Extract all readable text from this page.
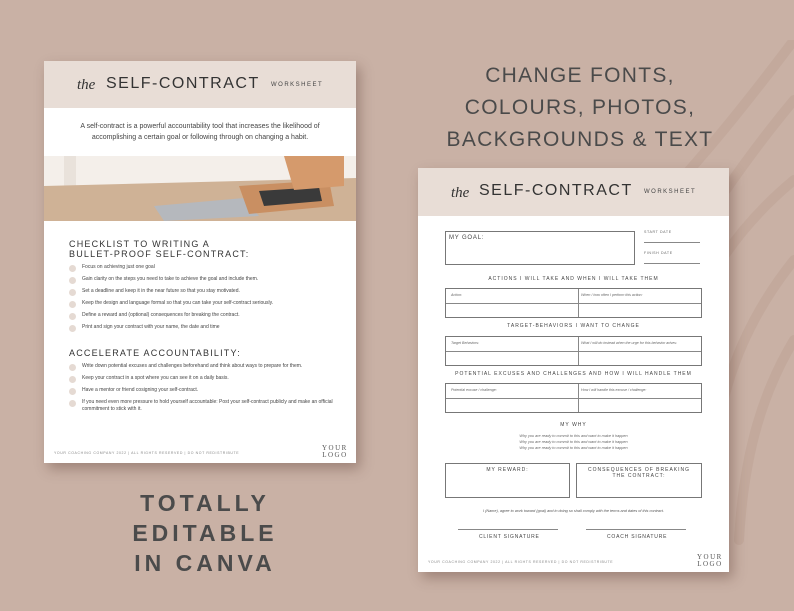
CHANGE FONTS,
COLOURS, PHOTOS,
BACKGROUNDS & TEXT
TOTALLY
EDITABLE
IN CANVA
the SELF-CONTRACT WORKSHEET
A self-contract is a powerful accountability tool that increases the likelihood of accomplishing a certain goal or following through on changing a habit.
CHECKLIST TO WRITING A
BULLET-PROOF SELF-CONTRACT:
Focus on achieving just one goal
Gain clarity on the steps you need to take to achieve the goal and include them.
Set a deadline and keep it in the near future so that you stay motivated.
Keep the design and language formal so that you can take your self-contract seriously.
Define a reward and (optional) consequences for breaking the contract.
Print and sign your contract with your name, the date and time
ACCELERATE ACCOUNTABILITY:
Write down potential excuses and challenges beforehand and think about ways to prepare for them.
Keep your contract in a spot where you can see it on a daily basis.
Have a mentor or friend cosigning your self-contract.
If you need even more pressure to hold yourself accountable: Post your self-contract publicly and make an official commitment to stick with it.
YOUR COACHING COMPANY 2022 | ALL RIGHTS RESERVED | DO NOT REDISTRIBUTE
YOUR
LOGO
the SELF-CONTRACT WORKSHEET
MY GOAL:
START DATE
FINISH DATE
ACTIONS I WILL TAKE AND WHEN I WILL TAKE THEM
Action:	When / how often I perform this action:
TARGET-BEHAVIORS I WANT TO CHANGE
Target Behaviors:	What I will do instead when the urge for this behavior arises:
POTENTIAL EXCUSES AND CHALLENGES AND HOW I WILL HANDLE THEM
Potential excuse / challenge:	How I will handle this excuse / challenge:
MY WHY
Why you are ready to commit to this and want to make it happen
Why you are ready to commit to this and want to make it happen
Why you are ready to commit to this and want to make it happen
MY REWARD:	CONSEQUENCES OF BREAKING
THE CONTRACT:
I (Name), agree to work toward (goal) and in doing so shall comply with the terms and dates of this contract.
CLIENT SIGNATURE	COACH SIGNATURE
YOUR COACHING COMPANY 2022 | ALL RIGHTS RESERVED | DO NOT REDISTRIBUTE
YOUR
LOGO
